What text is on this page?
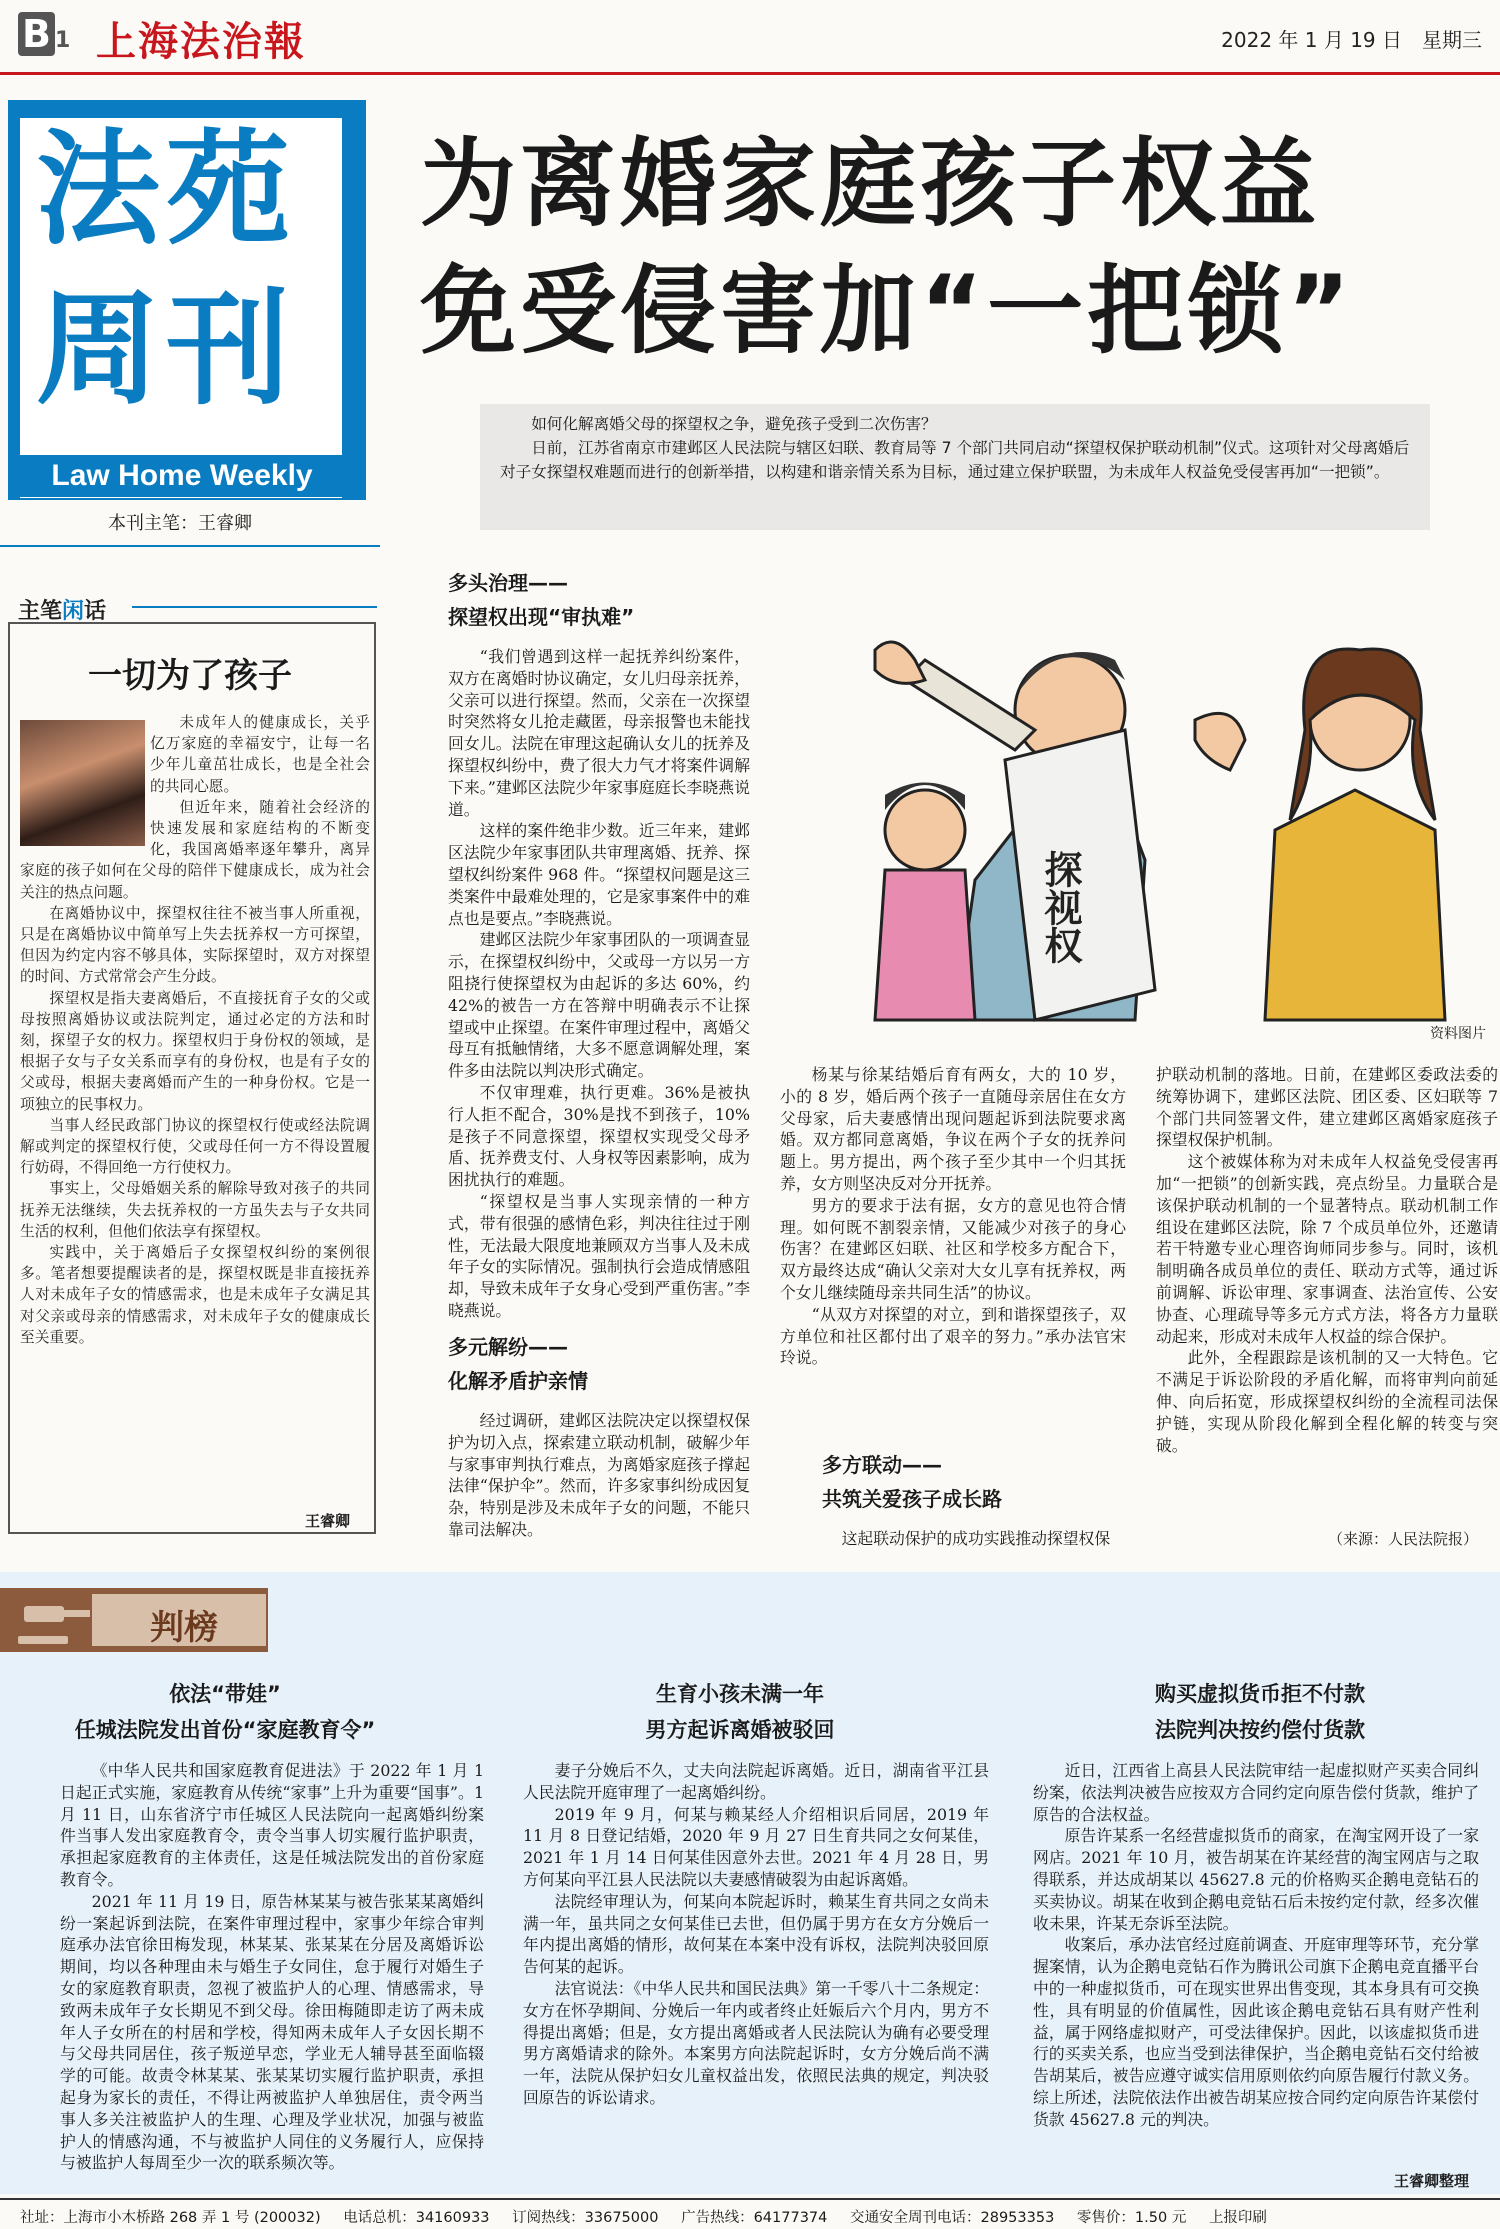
B 1 上海法治報	2022 年 1 月 19 日　 星期三
法苑
周刊
Law Home Weekly
本刊主笔：王睿卿
为离婚家庭孩子权益
免受侵害加“一把锁”
如何化解离婚父母的探望权之争，避免孩子受到二次伤害？
日前，江苏省南京市建邺区人民法院与辖区妇联、教育局等 7 个部门共同启动“探望权保护联动机制”仪式。这项针对父母离婚后对子女探望权难题而进行的创新举措，以构建和谐亲情关系为目标，通过建立保护联盟，为未成年人权益免受侵害再加“一把锁”。
主笔闲话
一切为了孩子

未成年人的健康成长，关乎亿万家庭的幸福安宁，让每一名少年儿童茁壮成长，也是全社会的共同心愿。

但近年来，随着社会经济的快速发展和家庭结构的不断变化，我国离婚率逐年攀升，离异家庭的孩子如何在父母的陪伴下健康成长，成为社会关注的热点问题。

在离婚协议中，探望权往往不被当事人所重视，只是在离婚协议中简单写上失去抚养权一方可探望，但因为约定内容不够具体，实际探望时，双方对探望的时间、方式常常会产生分歧。

探望权是指夫妻离婚后，不直接抚育子女的父或母按照离婚协议或法院判定，通过必定的方法和时刻，探望子女的权力。探望权归于身份权的领域，是根据子女与子女关系而享有的身份权，也是有子女的父或母，根据夫妻离婚而产生的一种身份权。它是一项独立的民事权力。

当事人经民政部门协议的探望权行使或经法院调解或判定的探望权行使，父或母任何一方不得设置履行妨碍，不得回绝一方行使权力。

事实上，父母婚姻关系的解除导致对孩子的共同抚养无法继续，失去抚养权的一方虽失去与子女共同生活的权利，但他们依法享有探望权。

实践中，关于离婚后子女探望权纠纷的案例很多。笔者想要提醒读者的是，探望权既是非直接抚养人对未成年子女的情感需求，也是未成年子女满足其对父亲或母亲的情感需求，对未成年子女的健康成长至关重要。

王睿卿
多头治理——
探望权出现“审执难”

“我们曾遇到这样一起抚养纠纷案件，双方在离婚时协议确定，女儿归母亲抚养，父亲可以进行探望。然而，父亲在一次探望时突然将女儿抢走藏匿，母亲报警也未能找回女儿。法院在审理这起确认女儿的抚养及探望权纠纷中，费了很大力气才将案件调解下来。”建邺区法院少年家事庭庭长李晓燕说道。

这样的案件绝非少数。近三年来，建邺区法院少年家事团队共审理离婚、抚养、探望权纠纷案件 968 件。“探望权问题是这三类案件中最难处理的，它是家事案件中的难点也是要点。”李晓燕说。

建邺区法院少年家事团队的一项调查显示，在探望权纠纷中，父或母一方以另一方阻挠行使探望权为由起诉的多达 60%，约 42%的被告一方在答辩中明确表示不让探望或中止探望。在案件审理过程中，离婚父母互有抵触情绪，大多不愿意调解处理，案件多由法院以判决形式确定。

不仅审理难，执行更难。36%是被执行人拒不配合，30%是找不到孩子，10%是孩子不同意探望，探望权实现受父母矛盾、抚养费支付、人身权等因素影响，成为困扰执行的难题。

“探望权是当事人实现亲情的一种方式，带有很强的感情色彩，判决往往过于刚性，无法最大限度地兼顾双方当事人及未成年子女的实际情况。强制执行会造成情感阻却，导致未成年子女身心受到严重伤害。”李晓燕说。

多元解纷——
化解矛盾护亲情

经过调研，建邺区法院决定以探望权保护为切入点，探索建立联动机制，破解少年与家事审判执行难点，为离婚家庭孩子撑起法律“保护伞”。然而，许多家事纠纷成因复杂，特别是涉及未成年子女的问题，不能只靠司法解决。

探视权
资料图片

杨某与徐某结婚后育有两女，大的 10 岁，小的 8 岁，婚后两个孩子一直随母亲居住在女方父母家，后夫妻感情出现问题起诉到法院要求离婚。双方都同意离婚，争议在两个子女的抚养问题上。男方提出，两个孩子至少其中一个归其抚养，女方则坚决反对分开抚养。

男方的要求于法有据，女方的意见也符合情理。如何既不割裂亲情，又能减少对孩子的身心伤害？在建邺区妇联、社区和学校多方配合下，双方最终达成“确认父亲对大女儿享有抚养权，两个女儿继续随母亲共同生活”的协议。

“从双方对探望的对立，到和谐探望孩子，双方单位和社区都付出了艰辛的努力。”承办法官宋玲说。

多方联动——
共筑关爱孩子成长路

这起联动保护的成功实践推动探望权保

护联动机制的落地。日前，在建邺区委政法委的统筹协调下，建邺区法院、团区委、区妇联等 7 个部门共同签署文件，建立建邺区离婚家庭孩子探望权保护机制。

这个被媒体称为对未成年人权益免受侵害再加“一把锁”的创新实践，亮点纷呈。力量联合是该保护联动机制的一个显著特点。联动机制工作组设在建邺区法院，除 7 个成员单位外，还邀请若干特邀专业心理咨询师同步参与。同时，该机制明确各成员单位的责任、联动方式等，通过诉前调解、诉讼审理、家事调查、法治宣传、公安协查、心理疏导等多元方式方法，将各方力量联动起来，形成对未成年人权益的综合保护。

此外，全程跟踪是该机制的又一大特色。它不满足于诉讼阶段的矛盾化解，而将审判向前延伸、向后拓宽，形成探望权纠纷的全流程司法保护链，实现从阶段化解到全程化解的转变与突破。

（来源：人民法院报）
判榜
依法“带娃”
任城法院发出首份“家庭教育令”

《中华人民共和国家庭教育促进法》于 2022 年 1 月 1 日起正式实施，家庭教育从传统“家事”上升为重要“国事”。1 月 11 日，山东省济宁市任城区人民法院向一起离婚纠纷案件当事人发出家庭教育令，责令当事人切实履行监护职责，承担起家庭教育的主体责任，这是任城法院发出的首份家庭教育令。

2021 年 11 月 19 日，原告林某某与被告张某某离婚纠纷一案起诉到法院，在案件审理过程中，家事少年综合审判庭承办法官徐田梅发现，林某某、张某某在分居及离婚诉讼期间，均以各种理由未与婚生子女同住，怠于履行对婚生子女的家庭教育职责，忽视了被监护人的心理、情感需求，导致两未成年子女长期见不到父母。徐田梅随即走访了两未成年人子女所在的村居和学校，得知两未成年人子女因长期不与父母共同居住，孩子叛逆早恋，学业无人辅导甚至面临辍学的可能。故责令林某某、张某某切实履行监护职责，承担起身为家长的责任，不得让两被监护人单独居住，责令两当事人多关注被监护人的生理、心理及学业状况，加强与被监护人的情感沟通，不与被监护人同住的义务履行人，应保持与被监护人每周至少一次的联系频次等。

生育小孩未满一年
男方起诉离婚被驳回

妻子分娩后不久，丈夫向法院起诉离婚。近日，湖南省平江县人民法院开庭审理了一起离婚纠纷。

2019 年 9 月，何某与赖某经人介绍相识后同居，2019 年 11 月 8 日登记结婚，2020 年 9 月 27 日生育共同之女何某佳，2021 年 1 月 14 日何某佳因意外去世。2021 年 4 月 28 日，男方何某向平江县人民法院以夫妻感情破裂为由起诉离婚。

法院经审理认为，何某向本院起诉时，赖某生育共同之女尚未满一年，虽共同之女何某佳已去世，但仍属于男方在女方分娩后一年内提出离婚的情形，故何某在本案中没有诉权，法院判决驳回原告何某的起诉。

法官说法：《中华人民共和国民法典》第一千零八十二条规定：女方在怀孕期间、分娩后一年内或者终止妊娠后六个月内，男方不得提出离婚；但是，女方提出离婚或者人民法院认为确有必要受理男方离婚请求的除外。本案男方向法院起诉时，女方分娩后尚不满一年，法院从保护妇女儿童权益出发，依照民法典的规定，判决驳回原告的诉讼请求。

购买虚拟货币拒不付款
法院判决按约偿付货款

近日，江西省上高县人民法院审结一起虚拟财产买卖合同纠纷案，依法判决被告应按双方合同约定向原告偿付货款，维护了原告的合法权益。

原告许某系一名经营虚拟货币的商家，在淘宝网开设了一家网店。2021 年 10 月，被告胡某在许某经营的淘宝网店与之取得联系，并达成胡某以 45627.8 元的价格购买企鹅电竞钻石的买卖协议。胡某在收到企鹅电竞钻石后未按约定付款，经多次催收未果，许某无奈诉至法院。

收案后，承办法官经过庭前调查、开庭审理等环节，充分掌握案情，认为企鹅电竞钻石作为腾讯公司旗下企鹅电竞直播平台中的一种虚拟货币，可在现实世界出售变现，其本身具有可交换性，具有明显的价值属性，因此该企鹅电竞钻石具有财产性利益，属于网络虚拟财产，可受法律保护。因此，以该虚拟货币进行的买卖关系，也应当受到法律保护，当企鹅电竞钻石交付给被告胡某后，被告应遵守诚实信用原则依约向原告履行付款义务。综上所述，法院依法作出被告胡某应按合同约定向原告许某偿付货款 45627.8 元的判决。

王睿卿整理
社址：上海市小木桥路 268 弄 1 号 (200032) 电话总机：34160933 订阅热线：33675000 广告热线：64177374 交通安全周刊电话：28953353 零售价：1.50 元 上报印刷
